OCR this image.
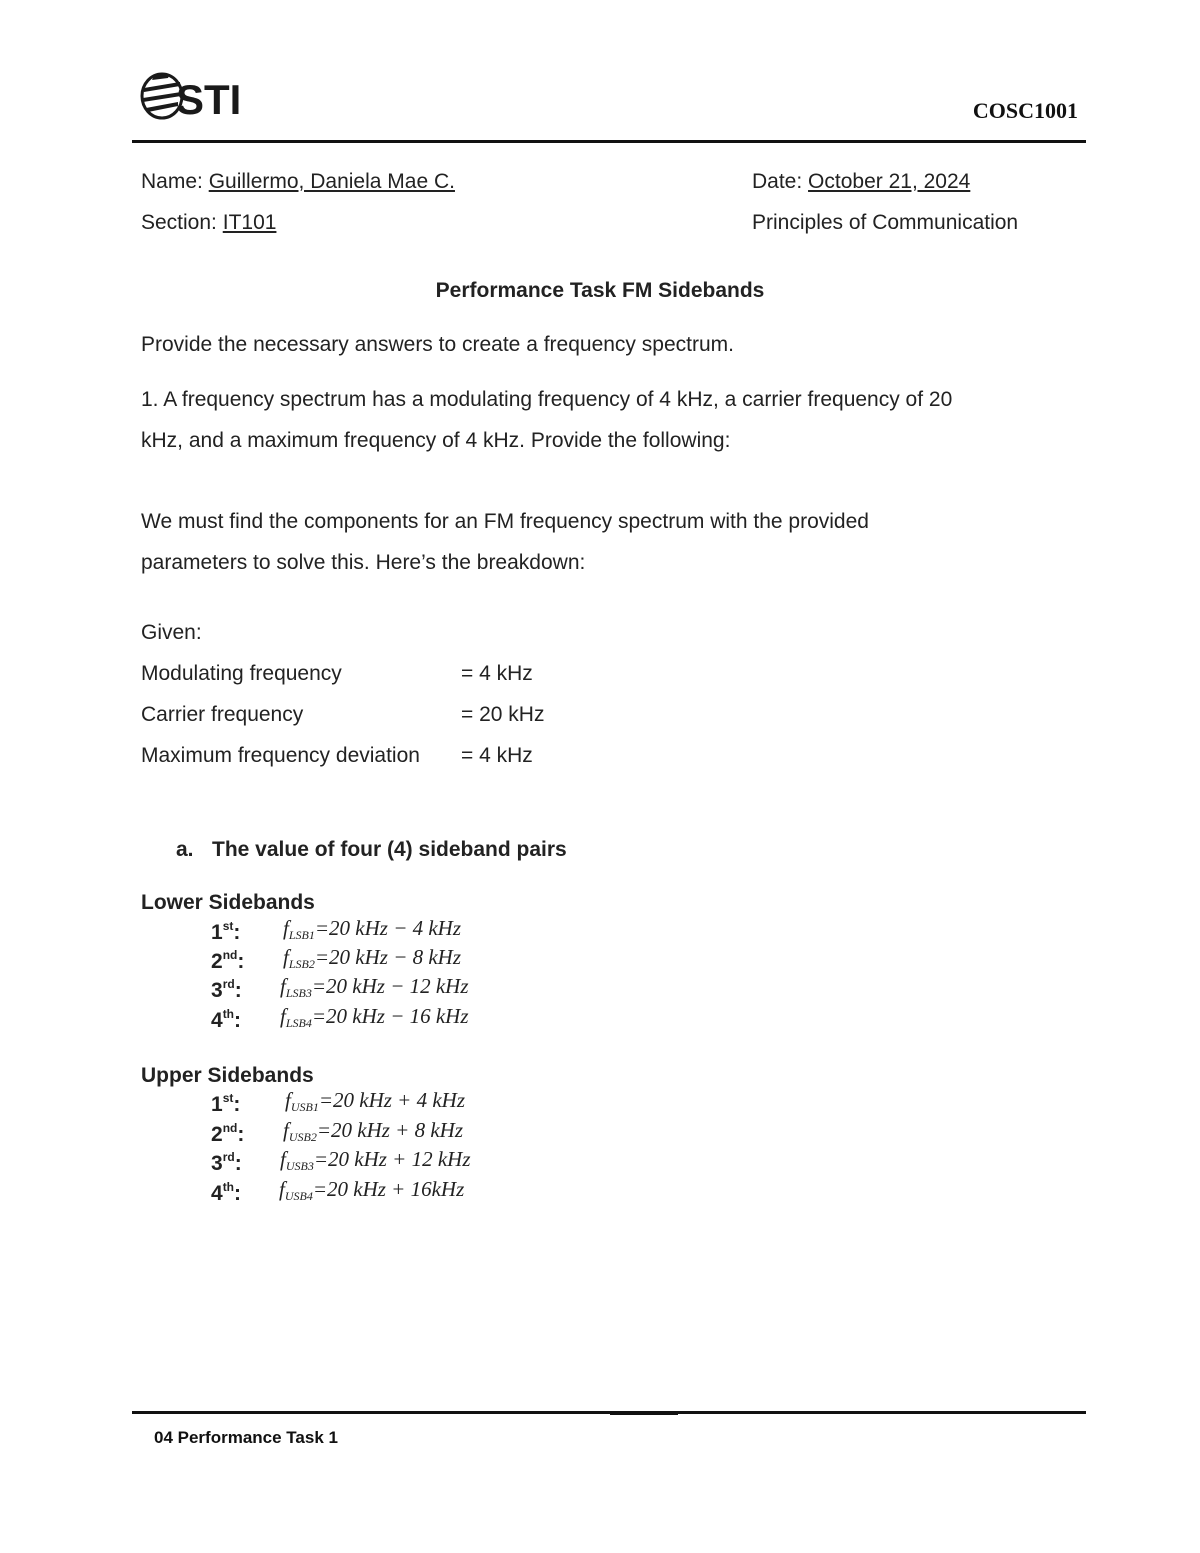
STI	COSC1001
Name: Guillermo, Daniela Mae C.	Date: October 21, 2024
Section: IT101	Principles of Communication
Performance Task FM Sidebands
Provide the necessary answers to create a frequency spectrum.
1. A frequency spectrum has a modulating frequency of 4 kHz, a carrier frequency of 20
kHz, and a maximum frequency of 4 kHz. Provide the following:
We must find the components for an FM frequency spectrum with the provided
parameters to solve this. Here’s the breakdown:
Given:
Modulating frequency	= 4 kHz
Carrier frequency	= 20 kHz
Maximum frequency deviation = 4 kHz
a. The value of four (4) sideband pairs
Lower Sidebands
1st: $f_{LSB1}=20$ kHz − 4 kHz
2nd: $f_{LSB2}=20$ kHz − 8 kHz
3rd: $f_{LSB3}=20$ kHz − 12 kHz
4th: $f_{LSB4}=20$ kHz − 16 kHz
Upper Sidebands
1st: $f_{USB1}=20$ kHz + 4 kHz
2nd: $f_{USB2}=20$ kHz + 8 kHz
3rd: $f_{USB3}=20$ kHz + 12 kHz
4th: $f_{USB4}=20$ kHz + 16kHz
04 Performance Task 1
